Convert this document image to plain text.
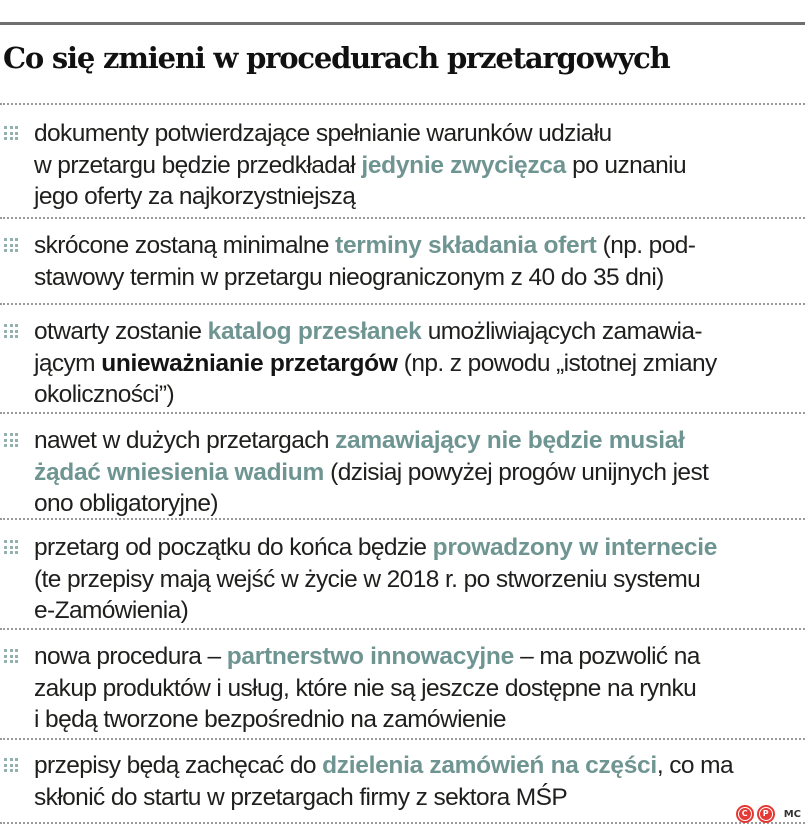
Co się zmieni w procedurach przetargowych
dokumenty potwierdzające spełnianie warunków udziału
w przetargu będzie przedkładał jedynie zwycięzca po uznaniu
jego oferty za najkorzystniejszą
skrócone zostaną minimalne terminy składania ofert (np. pod-
stawowy termin w przetargu nieograniczonym z 40 do 35 dni)
otwarty zostanie katalog przesłanek umożliwiających zamawia-
jącym unieważnianie przetargów (np. z powodu „istotnej zmiany
okoliczności”)
nawet w dużych przetargach zamawiający nie będzie musiał
żądać wniesienia wadium (dzisiaj powyżej progów unijnych jest
ono obligatoryjne)
przetarg od początku do końca będzie prowadzony w internecie
(te przepisy mają wejść w życie w 2018 r. po stworzeniu systemu
e-Zamówienia)
nowa procedura – partnerstwo innowacyjne – ma pozwolić na
zakup produktów i usług, które nie są jeszcze dostępne na rynku
i będą tworzone bezpośrednio na zamówienie
przepisy będą zachęcać do dzielenia zamówień na części, co ma
skłonić do startu w przetargach firmy z sektora MŚP
C	P	MC
